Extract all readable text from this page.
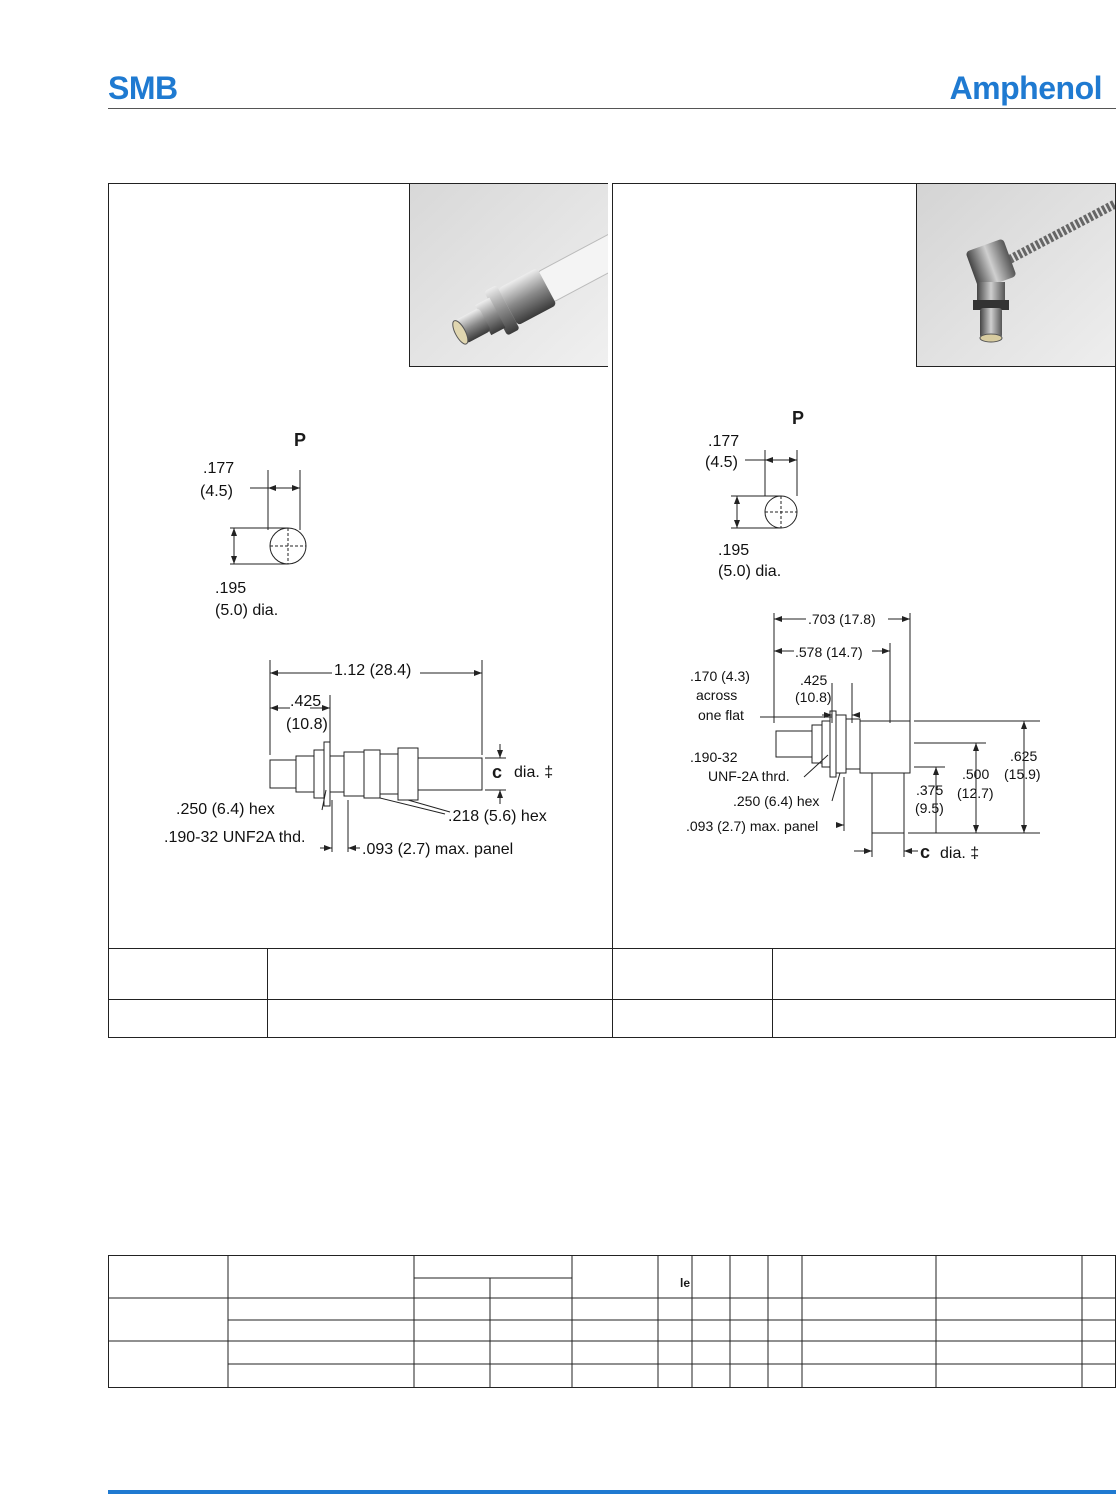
SMB	Amphenol
P
.177
(4.5)
.195
(5.0) dia.
1.12 (28.4)
.425
(10.8)
c dia. ‡
.250 (6.4) hex
.190-32 UNF2A thd.
.218 (5.6) hex
.093 (2.7) max. panel
P
.177
(4.5)
.195
(5.0) dia.
.703 (17.8)
.578 (14.7)
.170 (4.3)
across
one flat
.425
(10.8)
.190-32
UNF-2A thrd.
.250 (6.4) hex
.093 (2.7) max. panel
.375
(9.5)
.500
(12.7)
.625
(15.9)
c dia. ‡
le
